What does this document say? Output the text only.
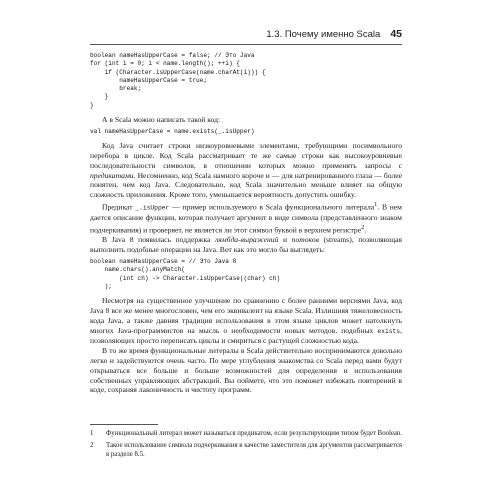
1.3. Почему именно Scala 45
boolean nameHasUpperCase = false; // Это Java
for (int i = 0; i < name.length(); ++i) {
if (Character.isUpperCase(name.charAt(i))) {
nameHasUpperCase = true;
break;
}
}

А в Scala можно написать такой код:

val nameHasUpperCase = name.exists(_.isUpper)

Код Java считает строки низкоуровневыми элементами, требующими посимвольного перебора в цикле. Код Scala рассматривает те же самые строки как высокоуровневые последовательности символов, в отношении которых можно применять запросы с предикатами. Несомненно, код Scala намного короче и — для натренированного глаза — более понятен, чем код Java. Следовательно, код Scala значительно меньше влияет на общую сложность приложения. Кроме того, уменьшается вероятность допустить ошибку.

Предикат _.isUpper — пример используемого в Scala функционального литерала$^1$. В нем дается описание функции, которая получает аргумент в виде символа (представленного знаком подчеркивания) и проверяет, не является ли этот символ буквой в верхнем регистре$^2$.

В Java 8 появилась поддержка лямбда-выражений и потоков (streams), позволяющая выполнить подобные операции на Java. Вот как это могло бы выглядеть:

boolean nameHasUpperCase = // Это Java 8
name.chars().anyMatch(
(int ch) -> Character.isUpperCase((char) ch)
);

Несмотря на существенное улучшение по сравнению с более ранними версиями Java, код Java 8 все же менее многословен, чем его эквивалент на языке Scala. Излишняя тяжеловесность кода Java, а также давняя традиция использования в этом языке циклов может натолкнуть многих Java-программистов на мысль о необходимости новых методов, подобных exists, позволяющих просто переписать циклы и смириться с растущей сложностью кода.

В то же время функциональные литералы в Scala действительно воспринимаются довольно легко и задействуются очень часто. По мере углубления знакомства со Scala перед вами будут открываться все больше и больше возможностей для определения и использования собственных управляющих абстракций. Вы поймете, что это поможет избежать повторений в коде, сохраняя лаконичность и чистоту программ.

1	Функциональный литерал может называться предикатом, если результирующим типом будет Boolean.
2	Такое использование символа подчеркивания в качестве заместителя для аргументов рассматривается в разделе 8.5.
